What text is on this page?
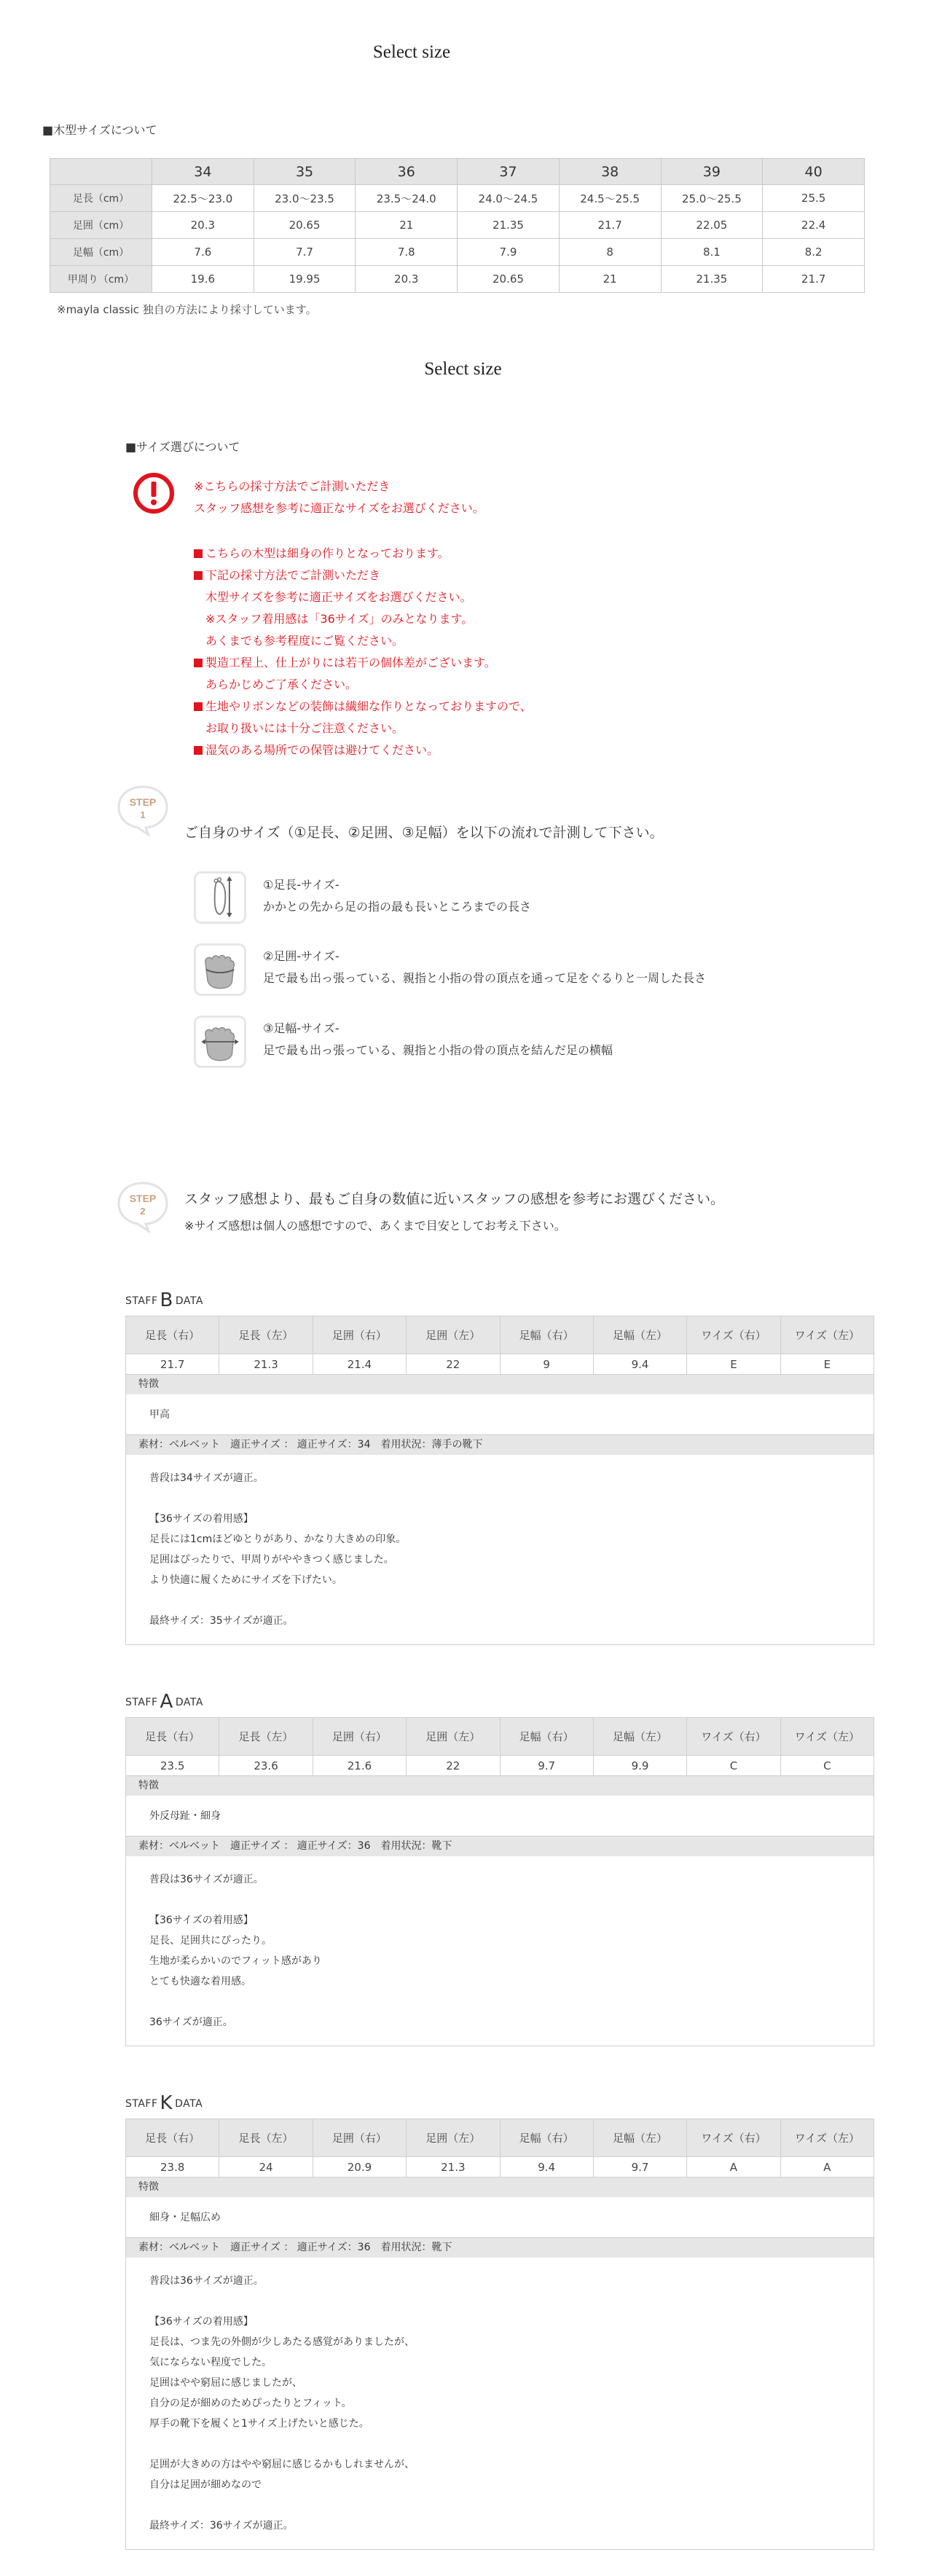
Select size
■木型サイズについて
	34	35	36	37	38	39	40
足長（cm）	22.5～23.0	23.0～23.5	23.5～24.0	24.0～24.5	24.5～25.5	25.0～25.5	25.5
足囲（cm）	20.3	20.65	21	21.35	21.7	22.05	22.4
足幅（cm）	7.6	7.7	7.8	7.9	8	8.1	8.2
甲周り（cm）	19.6	19.95	20.3	20.65	21	21.35	21.7
※mayla classic 独自の方法により採寸しています。
Select size
■サイズ選びについて
※こちらの採寸方法でご計測いただき
スタッフ感想を参考に適正なサイズをお選びください。
こちらの木型は細身の作りとなっております。
下記の採寸方法でご計測いただき
木型サイズを参考に適正サイズをお選びください。
※スタッフ着用感は「36サイズ」のみとなります。
あくまでも参考程度にご覧ください。
製造工程上、仕上がりには若干の個体差がございます。
あらかじめご了承ください。
生地やリボンなどの装飾は繊細な作りとなっておりますので、
お取り扱いには十分ご注意ください。
湿気のある場所での保管は避けてください。
STEP
1
ご自身のサイズ（①足長、②足囲、③足幅）を以下の流れで計測して下さい。
①足長-サイズ-
かかとの先から足の指の最も長いところまでの長さ
②足囲-サイズ-
足で最も出っ張っている、親指と小指の骨の頂点を通って足をぐるりと一周した長さ
③足幅-サイズ-
足で最も出っ張っている、親指と小指の骨の頂点を結んだ足の横幅
STEP
2
スタッフ感想より、最もご自身の数値に近いスタッフの感想を参考にお選びください。
※サイズ感想は個人の感想ですので、あくまで目安としてお考え下さい。
STAFF B DATA
足長（右）	足長（左）	足囲（右）	足囲（左）	足幅（右）	足幅（左）	ワイズ（右）	ワイズ（左）
21.7	21.3	21.4	22	9	9.4	E	E
特徴
甲高
素材：ベルベット　適正サイズ ： 適正サイズ：34　着用状況：薄手の靴下
普段は34サイズが適正。
【36サイズの着用感】
足長には1cmほどゆとりがあり、かなり大きめの印象。
足囲はぴったりで、甲周りがややきつく感じました。
より快適に履くためにサイズを下げたい。
最終サイズ：35サイズが適正。
STAFF A DATA
足長（右）	足長（左）	足囲（右）	足囲（左）	足幅（右）	足幅（左）	ワイズ（右）	ワイズ（左）
23.5	23.6	21.6	22	9.7	9.9	C	C
特徴
外反母趾・細身
素材：ベルベット　適正サイズ ： 適正サイズ：36　着用状況：靴下
普段は36サイズが適正。
【36サイズの着用感】
足長、足囲共にぴったり。
生地が柔らかいのでフィット感があり
とても快適な着用感。
36サイズが適正。
STAFF K DATA
足長（右）	足長（左）	足囲（右）	足囲（左）	足幅（右）	足幅（左）	ワイズ（右）	ワイズ（左）
23.8	24	20.9	21.3	9.4	9.7	A	A
特徴
細身・足幅広め
素材：ベルベット　適正サイズ ： 適正サイズ：36　着用状況：靴下
普段は36サイズが適正。
【36サイズの着用感】
足長は、つま先の外側が少しあたる感覚がありましたが、
気にならない程度でした。
足囲はやや窮屈に感じましたが、
自分の足が細めのためぴったりとフィット。
厚手の靴下を履くと1サイズ上げたいと感じた。
足囲が大きめの方はやや窮屈に感じるかもしれませんが、
自分は足囲が細めなので
最終サイズ：36サイズが適正。
